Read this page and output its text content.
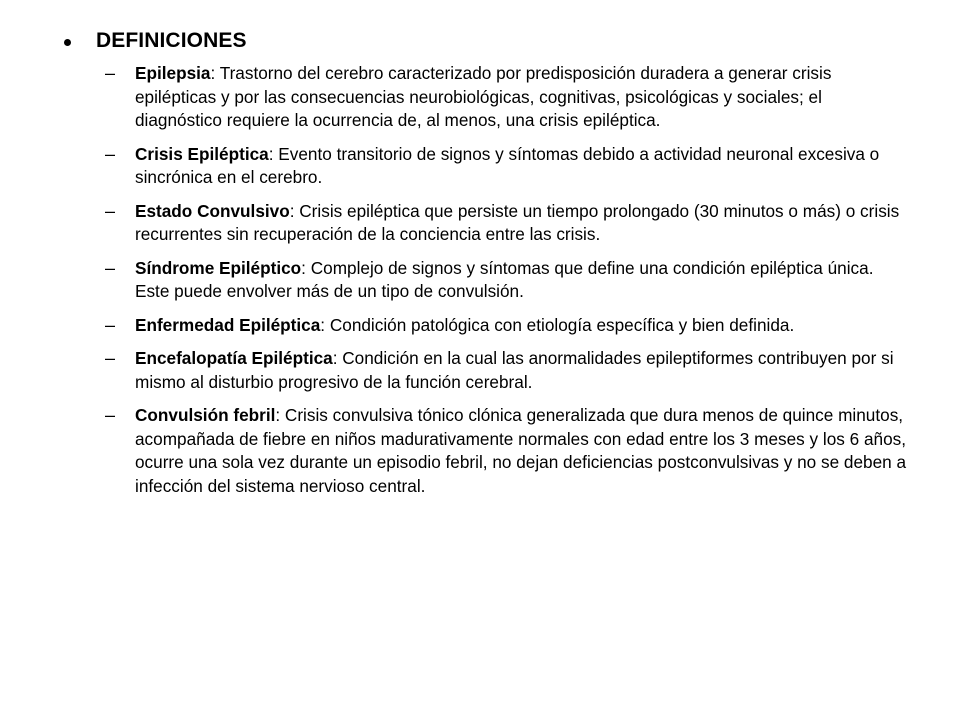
DEFINICIONES
–	Epilepsia: Trastorno del cerebro caracterizado por predisposición duradera a generar crisis epilépticas y por las consecuencias neurobiológicas, cognitivas, psicológicas y sociales; el diagnóstico requiere la ocurrencia de, al menos, una crisis epiléptica.
–	Crisis Epiléptica: Evento transitorio de signos y síntomas debido a actividad neuronal excesiva o sincrónica en el cerebro.
–	Estado Convulsivo: Crisis epiléptica que persiste un tiempo prolongado (30 minutos o más) o crisis recurrentes sin recuperación de la conciencia entre las crisis.
–	Síndrome Epiléptico: Complejo de signos y síntomas que define una condición epiléptica única. Este puede envolver más de un tipo de convulsión.
–	Enfermedad Epiléptica: Condición patológica con etiología específica y bien definida.
–	Encefalopatía Epiléptica: Condición en la cual las anormalidades epileptiformes contribuyen por si mismo al disturbio progresivo de la función cerebral.
–	Convulsión febril: Crisis convulsiva tónico clónica generalizada que dura menos de quince minutos, acompañada de fiebre en niños madurativamente normales con edad entre los 3 meses y los 6 años, ocurre una sola vez durante un episodio febril, no dejan deficiencias postconvulsivas y no se deben a infección del sistema nervioso central.
